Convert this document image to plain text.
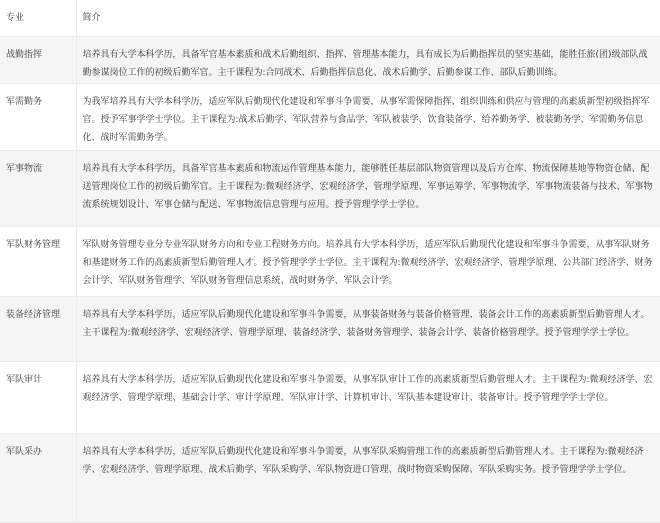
专业	简介
战勤指挥	培养具有大学本科学历，具备军官基本素质和战术后勤组织、指挥、管理基本能力，具有成长为后勤指挥员的坚实基础，能胜任旅(团)级部队战勤参谋岗位工作的初级后勤军官。主干课程为:合同战术、后勤指挥信息化、战术后勤学、后勤参谋工作、部队后勤训练。
军需勤务	为我军培养具有大学本科学历，适应军队后勤现代化建设和军事斗争需要，从事军需保障指挥、组织训练和供应与管理的高素质新型初级指挥军官。授予军事学学士学位。主干课程为:战术后勤学、军队营养与食品学、军队被装学、饮食装备学、给养勤务学、被装勤务学、军需勤务信息化、战时军需勤务学。
军事物流	培养具有大学本科学历，具备军官基本素质和物流运作管理基本能力，能够胜任基层部队物资管理以及后方仓库、物流保障基地等物资仓储、配送管理岗位工作的初级后勤军官。主干课程为:微观经济学、宏观经济学、管理学原理、军事运筹学、军事物流学、军事物流装备与技术、军事物流系统规划设计、军事仓储与配送、军事物流信息管理与应用。授予管理学学士学位。
军队财务管理	军队财务管理专业分专业军队财务方向和专业工程财务方向。培养具有大学本科学历，适应军队后勤现代化建设和军事斗争需要，从事军队财务和基建财务工作的高素质新型后勤管理人才。授予管理学学士学位。主干课程为:微观经济学、宏观经济学、管理学原理、公共部门经济学、财务会计学、军队财务管理学、军队财务管理信息系统、战时财务学、军队会计学。
装备经济管理	培养具有大学本科学历，适应军队后勤现代化建设和军事斗争需要，从事装备财务与装备价格管理、装备会计工作的高素质新型后勤管理人才。主干课程为:微观经济学、宏观经济学、管理学原理、装备经济学、装备财务管理学、装备会计学、装备价格管理学。授予管理学学士学位。
军队审计	培养具有大学本科学历，适应军队后勤现代化建设和军事斗争需要，从事军队审计工作的高素质新型后勤管理人才。主干课程为:微观经济学、宏观经济学、管理学原理、基础会计学、审计学原理、军队审计学、计算机审计、军队基本建设审计、装备审计。授予管理学学士学位。
军队采办	培养具有大学本科学历，适应军队后勤现代化建设和军事斗争需要，从事军队采购管理工作的高素质新型后勤管理人才。主干课程为:微观经济学、宏观经济学、管理学原理、战术后勤学、军队采购学、军队物资进口管理、战时物资采购保障、军队采购实务。授予管理学学士学位。
